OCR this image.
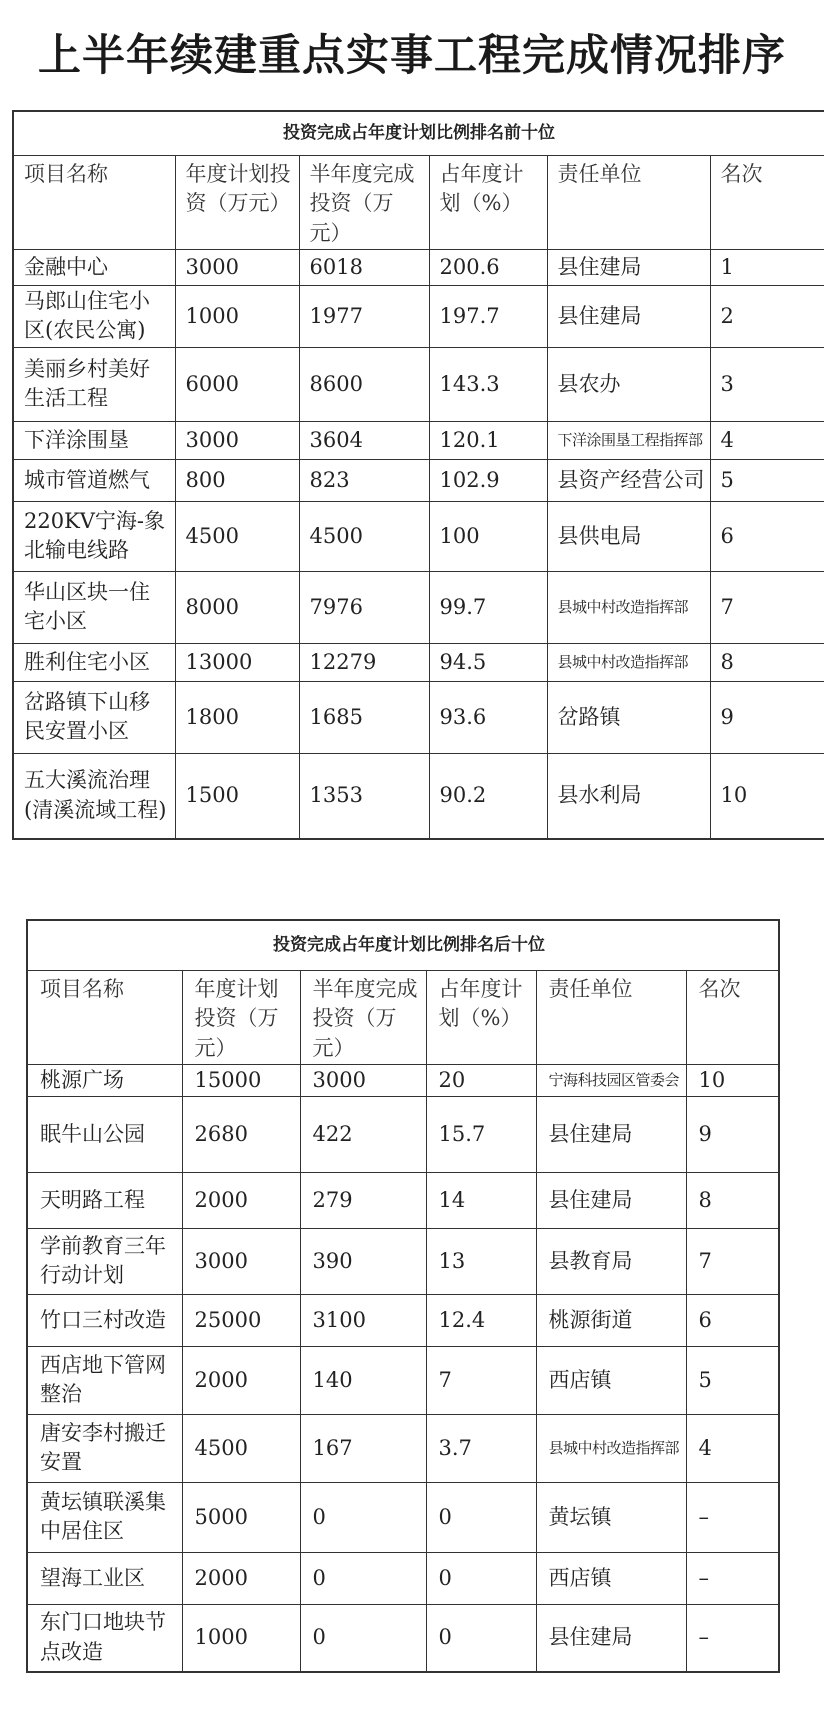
上半年续建重点实事工程完成情况排序
投资完成占年度计划比例排名前十位					
项目名称	年度计划投资（万元）	半年度完成投资（万元）	占年度计划（%）	责任单位	名次
金融中心	3000	6018	200.6	县住建局	1
马郎山住宅小区(农民公寓)	1000	1977	197.7	县住建局	2
美丽乡村美好生活工程	6000	8600	143.3	县农办	3
下洋涂围垦	3000	3604	120.1	下洋涂围垦工程指挥部	4
城市管道燃气	800	823	102.9	县资产经营公司	5
220KV宁海-象北输电线路	4500	4500	100	县供电局	6
华山区块一住宅小区	8000	7976	99.7	县城中村改造指挥部	7
胜利住宅小区	13000	12279	94.5	县城中村改造指挥部	8
岔路镇下山移民安置小区	1800	1685	93.6	岔路镇	9
五大溪流治理(清溪流域工程)	1500	1353	90.2	县水利局	10
投资完成占年度计划比例排名后十位					
项目名称	年度计划投资（万元）	半年度完成投资（万元）	占年度计划（%）	责任单位	名次
桃源广场	15000	3000	20	宁海科技园区管委会	10
眠牛山公园	2680	422	15.7	县住建局	9
天明路工程	2000	279	14	县住建局	8
学前教育三年行动计划	3000	390	13	县教育局	7
竹口三村改造	25000	3100	12.4	桃源街道	6
西店地下管网整治	2000	140	7	西店镇	5
唐安李村搬迁安置	4500	167	3.7	县城中村改造指挥部	4
黄坛镇联溪集中居住区	5000	0	0	黄坛镇	–
望海工业区	2000	0	0	西店镇	–
东门口地块节点改造	1000	0	0	县住建局	–
